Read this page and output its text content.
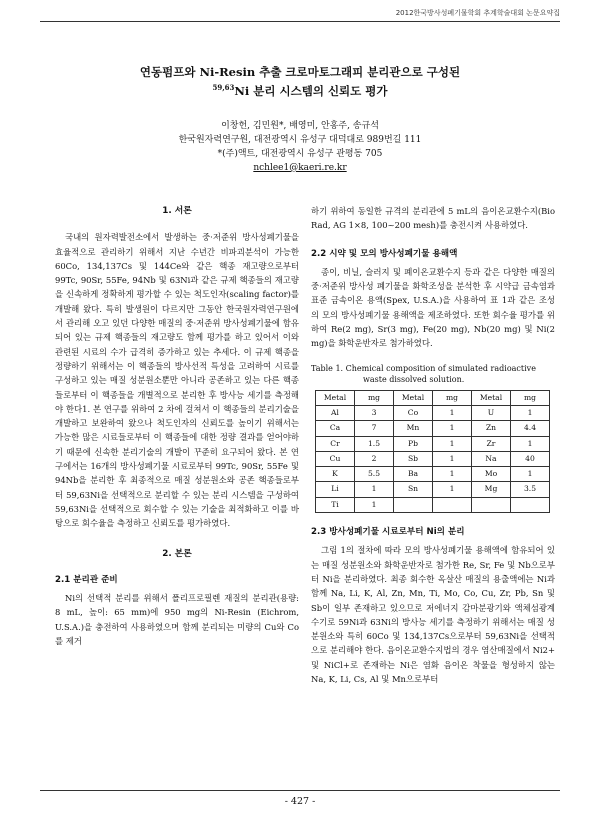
2012한국방사성폐기물학회 추계학술대회 논문요약집
연동펌프와 Ni-Resin 추출 크로마토그래피 분리관으로 구성된
$^{59,63}$Ni 분리 시스템의 신뢰도 평가
이창헌, 김민원*, 배영미, 안홍주, 송규석
한국원자력연구원, 대전광역시 유성구 대덕대로 989번길 111
*(주)액트, 대전광역시 유성구 관평동 705
nchlee1@kaeri.re.kr
1. 서론

국내의 원자력발전소에서 발생하는 중·저준위 방사성폐기물을 효율적으로 관리하기 위해서 지난 수년간 비파괴분석이 가능한 60Co, 134,137Cs 및 144Ce와 같은 핵종 재고량으로부터 99Tc, 90Sr, 55Fe, 94Nb 및 63Ni과 같은 규제 핵종들의 재고량을 신속하게 정확하게 평가할 수 있는 척도인자(scaling factor)를 개발해 왔다. 특히 발생원이 다르지만 그동안 한국원자력연구원에서 관리해 오고 있던 다양한 매질의 중·저준위 방사성폐기물에 함유되어 있는 규제 핵종들의 재고량도 함께 평가를 하고 있어서 이와 관련된 시료의 수가 급격히 증가하고 있는 추세다. 이 규제 핵종을 정량하기 위해서는 이 핵종들의 방사선적 특성을 고려하여 시료를 구성하고 있는 매질 성분원소뿐만 아니라 공존하고 있는 다른 핵종들로부터 이 핵종들을 개별적으로 분리한 후 방사능 세기를 측정해야 한다1. 본 연구를 위하여 2 차에 걸쳐서 이 핵종들의 분리기술을 개발하고 보완하여 왔으나 척도인자의 신뢰도를 높이기 위해서는 가능한 많은 시료들로부터 이 핵종들에 대한 정량 결과를 얻어야하기 때문에 신속한 분리기술의 개발이 꾸준히 요구되어 왔다. 본 연구에서는 16개의 방사성폐기물 시료로부터 99Tc, 90Sr, 55Fe 및 94Nb을 분리한 후 최종적으로 매질 성분원소와 공존 핵종들로부터 59,63Ni을 선택적으로 분리할 수 있는 분리 시스템을 구성하여 59,63Ni을 선택적으로 회수할 수 있는 기술을 최적화하고 이를 바탕으로 회수율을 측정하고 신뢰도를 평가하였다.

2. 본론
2.1 분리관 준비

Ni의 선택적 분리를 위해서 폴리프로필렌 재질의 분리관(용량: 8 mL, 높이: 65 mm)에 950 mg의 Ni-Resin (Eichrom, U.S.A.)을 충전하여 사용하였으며 함께 분리되는 미량의 Cu와 Co를 제거

하기 위하여 동일한 규격의 분리관에 5 mL의 음이온교환수지(Bio Rad, AG 1×8, 100~200 mesh)를 충전시켜 사용하였다.

2.2 시약 및 모의 방사성폐기물 용해액

종이, 비닐, 슬러지 및 폐이온교환수지 등과 같은 다양한 매질의 중·저준위 방사성 폐기물을 화학조성을 분석한 후 시약급 금속염과 표준 금속이온 용액(Spex, U.S.A.)을 사용하여 표 1과 같은 조성의 모의 방사성폐기물 용해액을 제조하였다. 또한 회수율 평가를 위하여 Re(2 mg), Sr(3 mg), Fe(20 mg), Nb(20 mg) 및 Ni(2 mg)을 화학운반자로 첨가하였다.

Table 1. Chemical composition of simulated radioactive
waste dissolved solution.
Metal	mg	Metal	mg	Metal	mg
Al	3	Co	1	U	1
Ca	7	Mn	1	Zn	4.4
Cr	1.5	Pb	1	Zr	1
Cu	2	Sb	1	Na	40
K	5.5	Ba	1	Mo	1
Li	1	Sn	1	Mg	3.5
Ti	1				
2.3 방사성폐기물 시료로부터 Ni의 분리

그림 1의 절차에 따라 모의 방사성폐기물 용해액에 함유되어 있는 매질 성분원소와 화학운반자로 첨가한 Re, Sr, Fe 및 Nb으로부터 Ni을 분리하였다. 최종 회수한 옥살산 매질의 용출액에는 Ni과 함께 Na, Li, K, Al, Zn, Mn, Ti, Mo, Co, Cu, Zr, Pb, Sn 및 Sb이 일부 존재하고 있으므로 저에너지 감마분광기와 액체섬광계수기로 59Ni과 63Ni의 방사능 세기를 측정하기 위해서는 매질 성분원소와 특히 60Co 및 134,137Cs으로부터 59,63Ni을 선택적으로 분리해야 한다. 음이온교환수지법의 경우 염산매질에서 Ni2+ 및 NiCl+로 존재하는 Ni은 염화 음이온 착물을 형성하지 않는 Na, K, Li, Cs, Al 및 Mn으로부터

- 427 -
